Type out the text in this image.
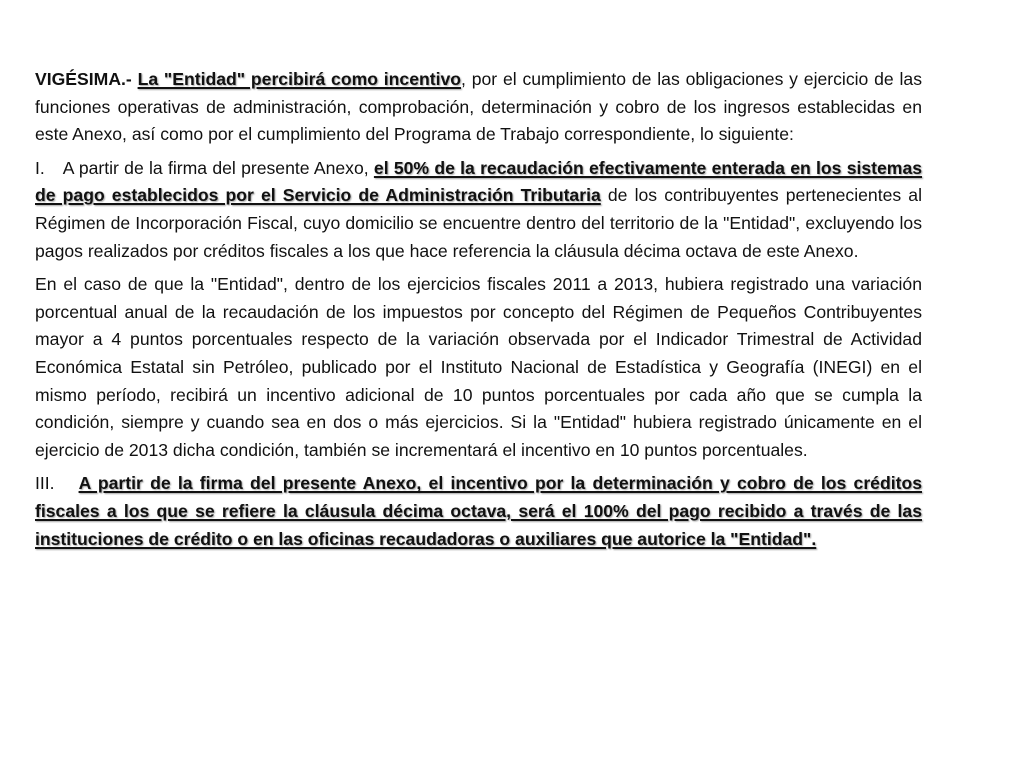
VIGÉSIMA.- La "Entidad" percibirá como incentivo, por el cumplimiento de las obligaciones y ejercicio de las funciones operativas de administración, comprobación, determinación y cobro de los ingresos establecidas en este Anexo, así como por el cumplimiento del Programa de Trabajo correspondiente, lo siguiente:

I. A partir de la firma del presente Anexo, el 50% de la recaudación efectivamente enterada en los sistemas de pago establecidos por el Servicio de Administración Tributaria de los contribuyentes pertenecientes al Régimen de Incorporación Fiscal, cuyo domicilio se encuentre dentro del territorio de la "Entidad", excluyendo los pagos realizados por créditos fiscales a los que hace referencia la cláusula décima octava de este Anexo.

En el caso de que la "Entidad", dentro de los ejercicios fiscales 2011 a 2013, hubiera registrado una variación porcentual anual de la recaudación de los impuestos por concepto del Régimen de Pequeños Contribuyentes mayor a 4 puntos porcentuales respecto de la variación observada por el Indicador Trimestral de Actividad Económica Estatal sin Petróleo, publicado por el Instituto Nacional de Estadística y Geografía (INEGI) en el mismo período, recibirá un incentivo adicional de 10 puntos porcentuales por cada año que se cumpla la condición, siempre y cuando sea en dos o más ejercicios. Si la "Entidad" hubiera registrado únicamente en el ejercicio de 2013 dicha condición, también se incrementará el incentivo en 10 puntos porcentuales.

III. A partir de la firma del presente Anexo, el incentivo por la determinación y cobro de los créditos fiscales a los que se refiere la cláusula décima octava, será el 100% del pago recibido a través de las instituciones de crédito o en las oficinas recaudadoras o auxiliares que autorice la "Entidad".
